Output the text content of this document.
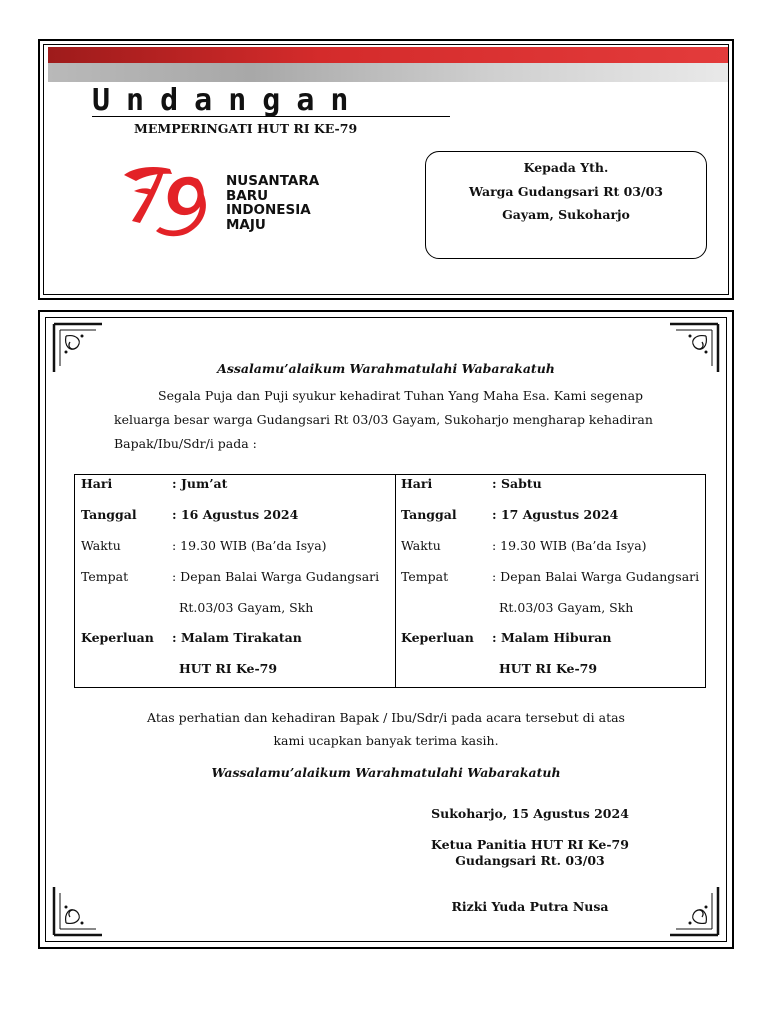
Undangan
MEMPERINGATI HUT RI KE-79
NUSANTARA
BARU
INDONESIA
MAJU
Kepada Yth.
Warga Gudangsari Rt 03/03
Gayam, Sukoharjo
Assalamu’alaikum Warahmatulahi Wabarakatuh
Segala Puja dan Puji syukur kehadirat Tuhan Yang Maha Esa. Kami segenap
keluarga besar warga Gudangsari Rt 03/03 Gayam, Sukoharjo mengharap kehadiran
Bapak/Ibu/Sdr/i pada :
Hari	: Jum’at
Tanggal	: 16 Agustus 2024
Waktu	: 19.30 WIB (Ba’da Isya)
Tempat	: Depan Balai Warga Gudangsari
Rt.03/03 Gayam, Skh
Keperluan : Malam Tirakatan
HUT RI Ke-79
Hari	: Sabtu
Tanggal	: 17 Agustus 2024
Waktu	: 19.30 WIB (Ba’da Isya)
Tempat	: Depan Balai Warga Gudangsari
Rt.03/03 Gayam, Skh
Keperluan : Malam Hiburan
HUT RI Ke-79
Atas perhatian dan kehadiran Bapak / Ibu/Sdr/i pada acara tersebut di atas
kami ucapkan banyak terima kasih.
Wassalamu’alaikum Warahmatulahi Wabarakatuh
Sukoharjo, 15 Agustus 2024
Ketua Panitia HUT RI Ke-79
Gudangsari Rt. 03/03
Rizki Yuda Putra Nusa
